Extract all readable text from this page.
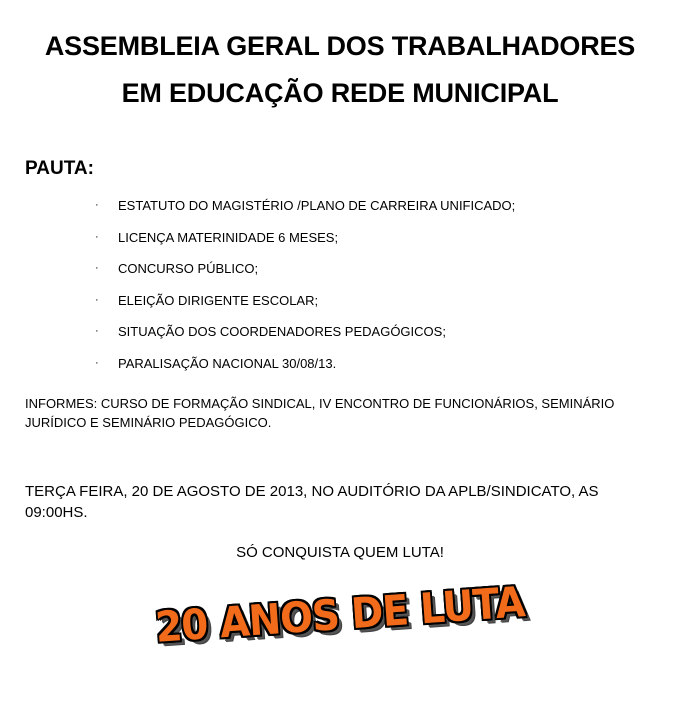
ASSEMBLEIA GERAL DOS TRABALHADORES
EM EDUCAÇÃO REDE MUNICIPAL
PAUTA:
· ESTATUTO DO MAGISTÉRIO /PLANO DE CARREIRA UNIFICADO;
· LICENÇA MATERINIDADE 6 MESES;
· CONCURSO PÚBLICO;
· ELEIÇÃO DIRIGENTE ESCOLAR;
· SITUAÇÃO DOS COORDENADORES PEDAGÓGICOS;
· PARALISAÇÃO NACIONAL 30/08/13.
INFORMES: CURSO DE FORMAÇÃO SINDICAL, IV ENCONTRO DE FUNCIONÁRIOS, SEMINÁRIO JURÍDICO E SEMINÁRIO PEDAGÓGICO.
TERÇA FEIRA, 20 DE AGOSTO DE 2013, NO AUDITÓRIO DA APLB/SINDICATO, AS 09:00HS.
SÓ CONQUISTA QUEM LUTA!
20 ANOS DE LUTA
